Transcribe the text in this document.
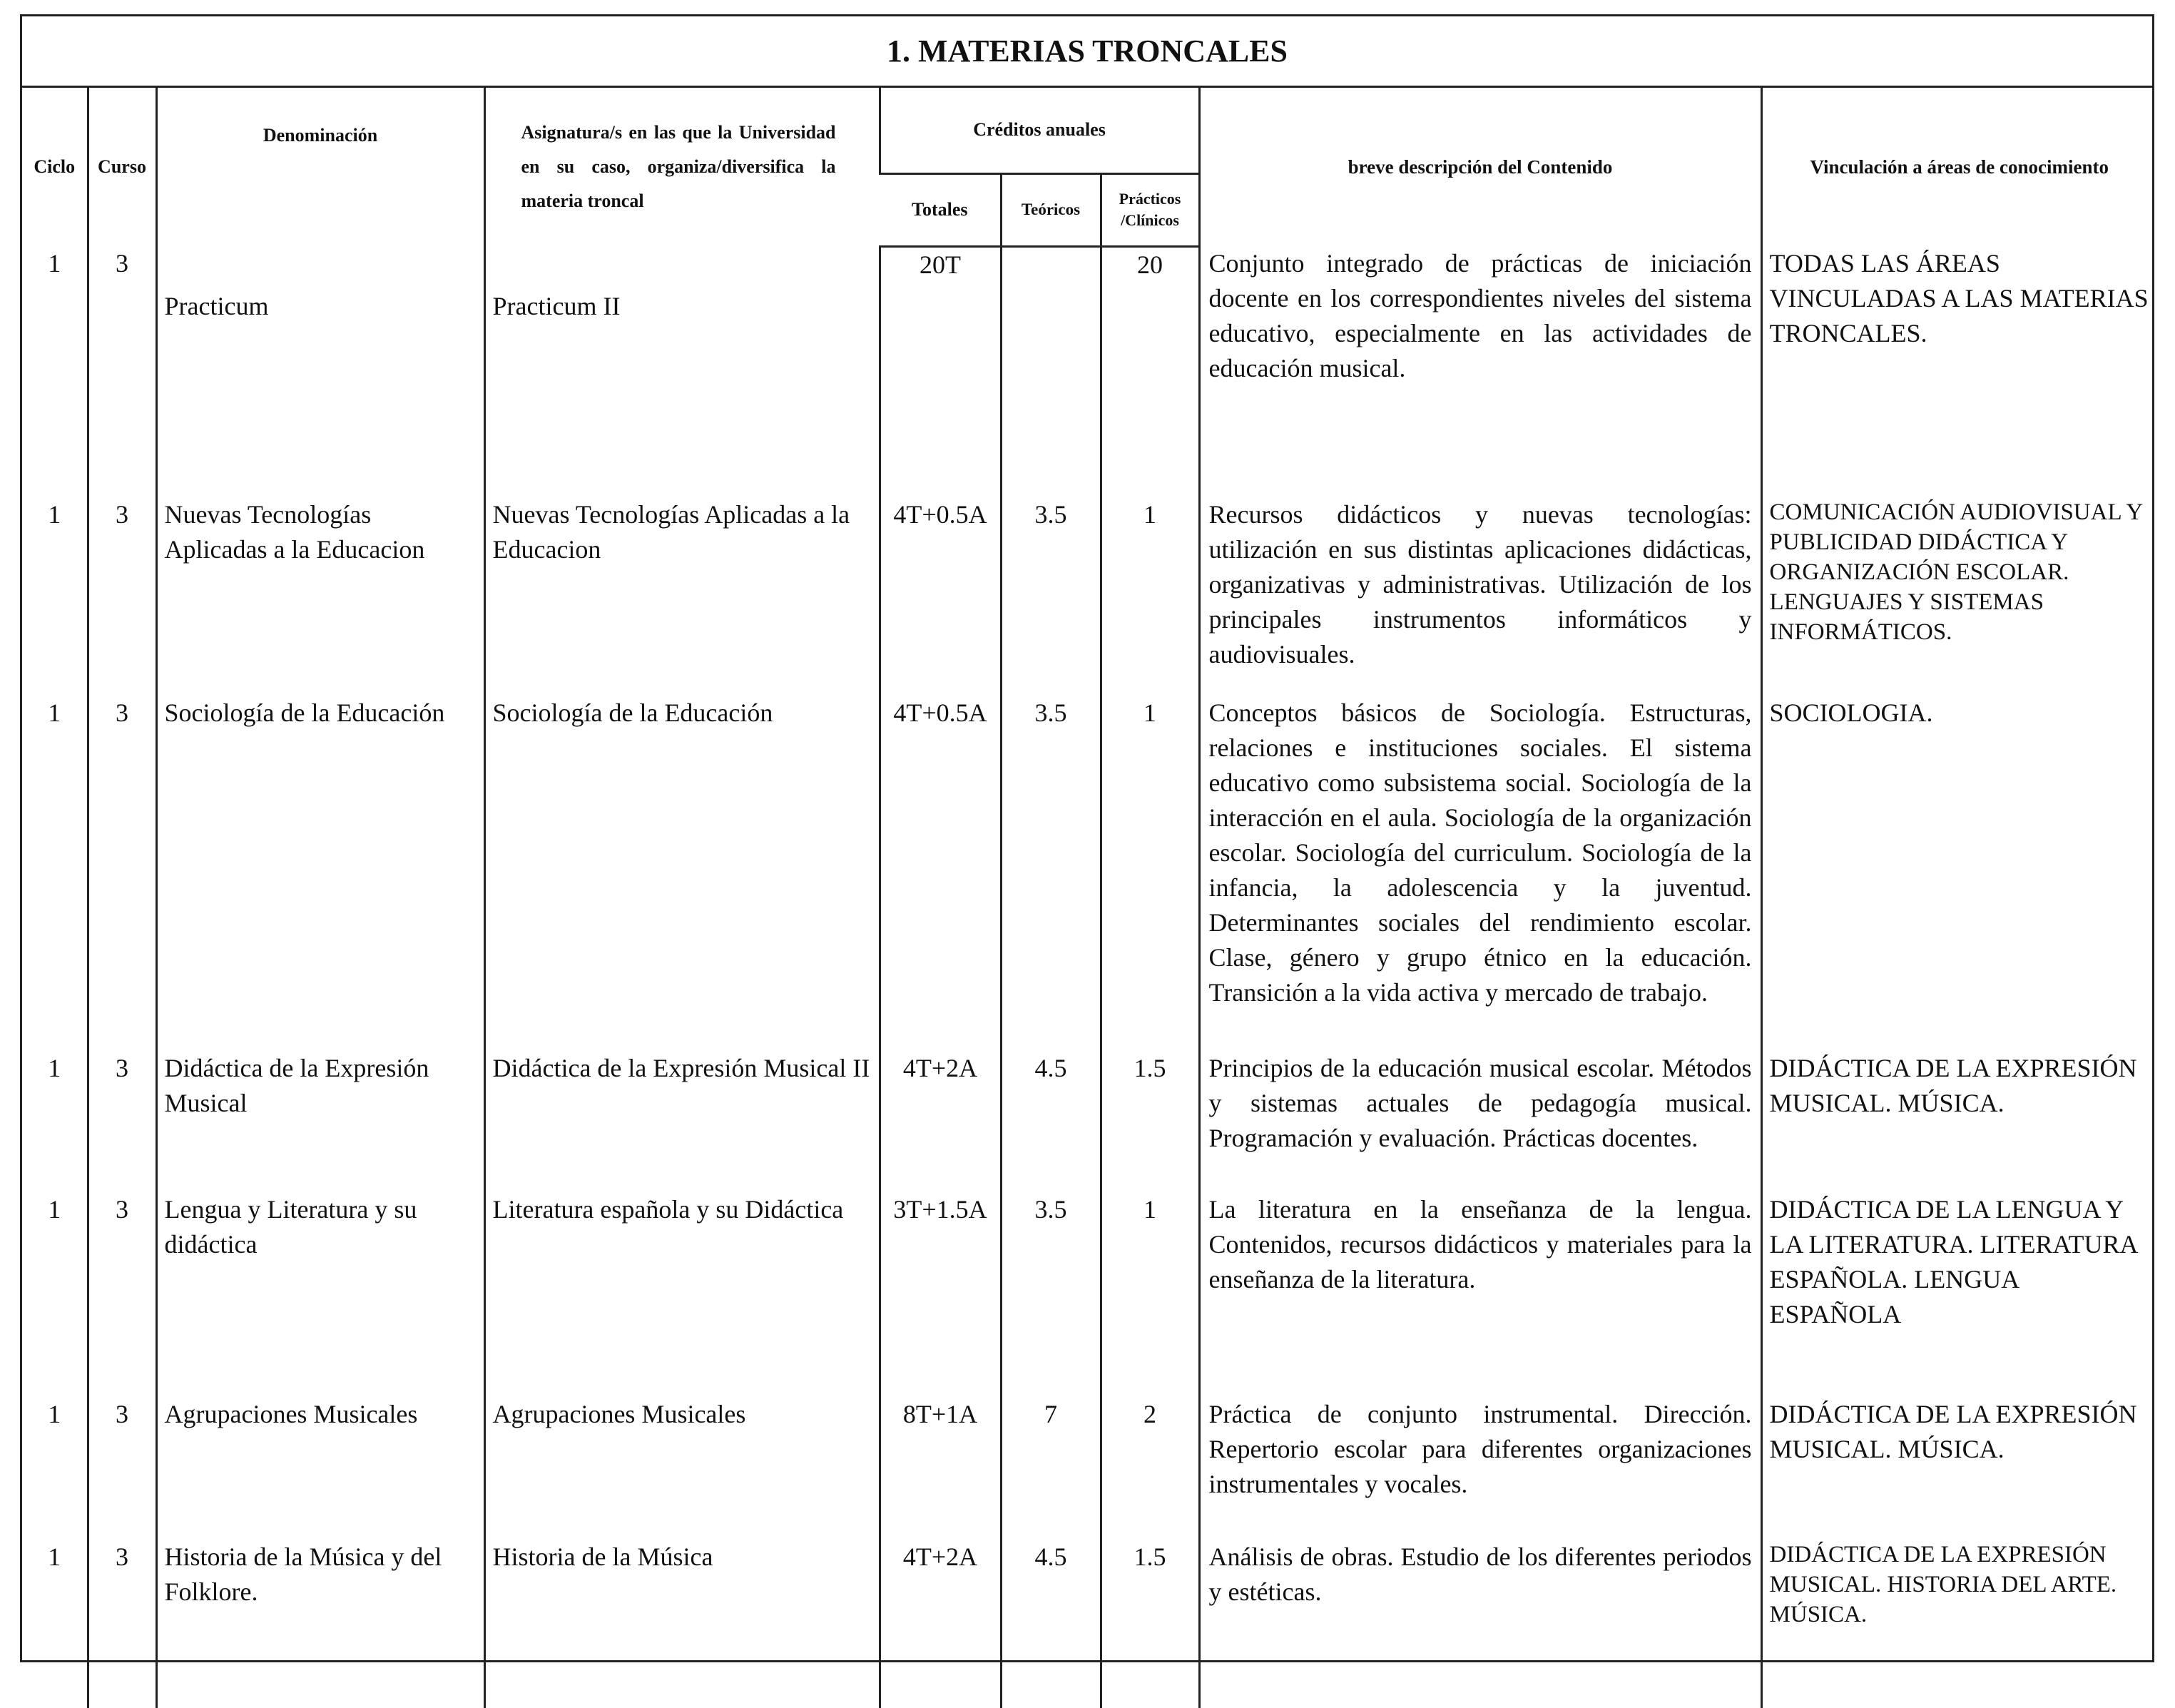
1. MATERIAS TRONCALES
Ciclo	Curso	Denominación	Asignatura/s en las que la Universidad en su caso, organiza/diversifica la materia troncal	Créditos anuales			breve descripción del Contenido	Vinculación a áreas de conocimiento
				Totales	Teóricos	Prácticos /Clínicos		
1	3	Practicum	Practicum II	20T		20	Conjunto integrado de prácticas de iniciación docente en los correspondientes niveles del sistema educativo, especialmente en las actividades de educación musical.	TODAS LAS ÁREAS VINCULADAS A LAS MATERIAS TRONCALES.
1	3	Nuevas Tecnologías Aplicadas a la Educacion	Nuevas Tecnologías Aplicadas a la Educacion	4T+0.5A	3.5	1	Recursos didácticos y nuevas tecnologías: utilización en sus distintas aplicaciones didácticas, organizativas y administrativas. Utilización de los principales instrumentos informáticos y audiovisuales.	COMUNICACIÓN AUDIOVISUAL Y PUBLICIDAD DIDÁCTICA Y ORGANIZACIÓN ESCOLAR. LENGUAJES Y SISTEMAS INFORMÁTICOS.
1	3	Sociología de la Educación	Sociología de la Educación	4T+0.5A	3.5	1	Conceptos básicos de Sociología. Estructuras, relaciones e instituciones sociales. El sistema educativo como subsistema social. Sociología de la interacción en el aula. Sociología de la organización escolar. Sociología del curriculum. Sociología de la infancia, la adolescencia y la juventud. Determinantes sociales del rendimiento escolar. Clase, género y grupo étnico en la educación. Transición a la vida activa y mercado de trabajo.	SOCIOLOGIA.
1	3	Didáctica de la Expresión Musical	Didáctica de la Expresión Musical II	4T+2A	4.5	1.5	Principios de la educación musical escolar. Métodos y sistemas actuales de pedagogía musical. Programación y evaluación. Prácticas docentes.	DIDÁCTICA DE LA EXPRESIÓN MUSICAL. MÚSICA.
1	3	Lengua y Literatura y su didáctica	Literatura española y su Didáctica	3T+1.5A	3.5	1	La literatura en la enseñanza de la lengua. Contenidos, recursos didácticos y materiales para la enseñanza de la literatura.	DIDÁCTICA DE LA LENGUA Y LA LITERATURA. LITERATURA ESPAÑOLA. LENGUA ESPAÑOLA
1	3	Agrupaciones Musicales	Agrupaciones Musicales	8T+1A	7	2	Práctica de conjunto instrumental. Dirección. Repertorio escolar para diferentes organizaciones instrumentales y vocales.	DIDÁCTICA DE LA EXPRESIÓN MUSICAL. MÚSICA.
1	3	Historia de la Música y del Folklore.	Historia de la Música	4T+2A	4.5	1.5	Análisis de obras. Estudio de los diferentes periodos y estéticas.	DIDÁCTICA DE LA EXPRESIÓN MUSICAL. HISTORIA DEL ARTE. MÚSICA.
